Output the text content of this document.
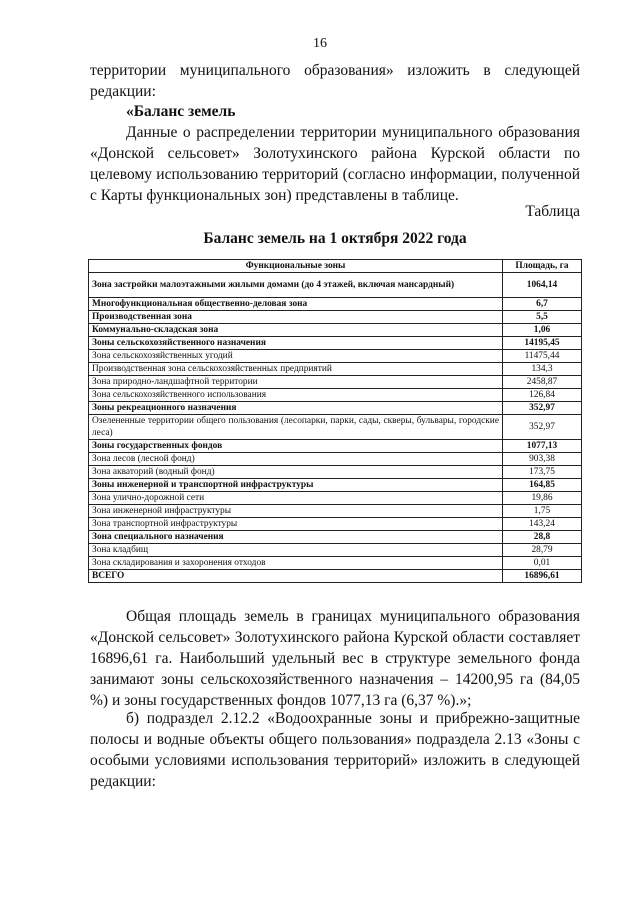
16
территории муниципального образования» изложить в следующей редакции:
«Баланс земель
Данные о распределении территории муниципального образования «Донской сельсовет» Золотухинского района Курской области по целевому использованию территорий (согласно информации, полученной с Карты функциональных зон) представлены в таблице.
Таблица
Баланс земель на 1 октября 2022 года
Функциональные зоны	Площадь, га
Зона застройки малоэтажными жилыми домами (до 4 этажей, включая мансардный)	1064,14
Многофункциональная общественно-деловая зона	6,7
Производственная зона	5,5
Коммунально-складская зона	1,06
Зоны сельскохозяйственного назначения	14195,45
Зона сельскохозяйственных угодий	11475,44
Производственная зона сельскохозяйственных предприятий	134,3
Зона природно-ландшафтной территории	2458,87
Зона сельскохозяйственного использования	126,84
Зоны рекреационного назначения	352,97
Озелененные территории общего пользования (лесопарки, парки, сады, скверы, бульвары, городские леса)	352,97
Зоны государственных фондов	1077,13
Зона лесов (лесной фонд)	903,38
Зона акваторий (водный фонд)	173,75
Зоны инженерной и транспортной инфраструктуры	164,85
Зона улично-дорожной сети	19,86
Зона инженерной инфраструктуры	1,75
Зона транспортной инфраструктуры	143,24
Зона специального назначения	28,8
Зона кладбищ	28,79
Зона складирования и захоронения отходов	0,01
ВСЕГО	16896,61
Общая площадь земель в границах муниципального образования «Донской сельсовет» Золотухинского района Курской области составляет 16896,61 га. Наибольший удельный вес в структуре земельного фонда занимают зоны сельскохозяйственного назначения – 14200,95 га (84,05 %) и зоны государственных фондов 1077,13 га (6,37 %).»;
б) подраздел 2.12.2 «Водоохранные зоны и прибрежно-защитные полосы и водные объекты общего пользования» подраздела 2.13 «Зоны с особыми условиями использования территорий» изложить в следующей редакции:
